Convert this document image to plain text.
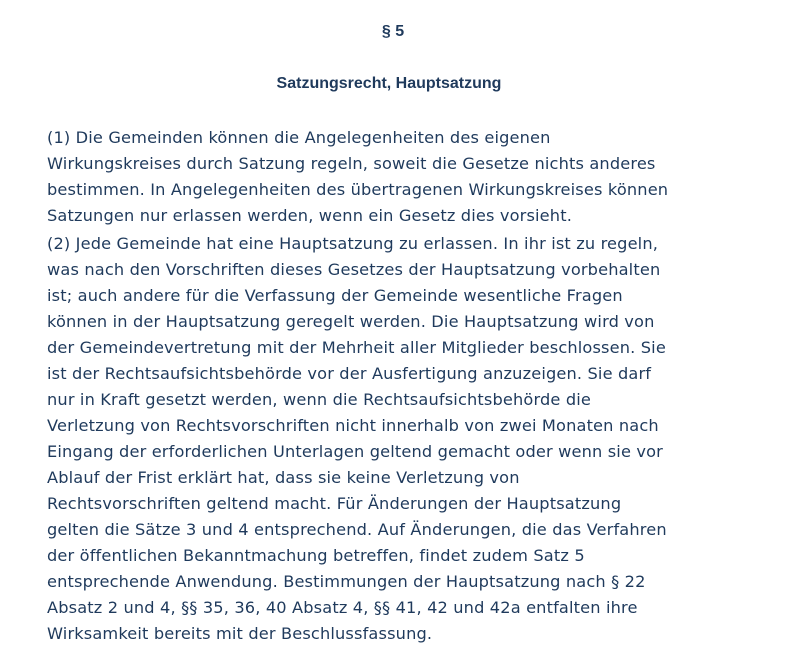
§ 5
Satzungsrecht, Hauptsatzung

(1) Die Gemeinden können die Angelegenheiten des eigenen
Wirkungskreises durch Satzung regeln, soweit die Gesetze nichts anderes
bestimmen. In Angelegenheiten des übertragenen Wirkungskreises können
Satzungen nur erlassen werden, wenn ein Gesetz dies vorsieht.

(2) Jede Gemeinde hat eine Hauptsatzung zu erlassen. In ihr ist zu regeln,
was nach den Vorschriften dieses Gesetzes der Hauptsatzung vorbehalten
ist; auch andere für die Verfassung der Gemeinde wesentliche Fragen
können in der Hauptsatzung geregelt werden. Die Hauptsatzung wird von
der Gemeindevertretung mit der Mehrheit aller Mitglieder beschlossen. Sie
ist der Rechtsaufsichtsbehörde vor der Ausfertigung anzuzeigen. Sie darf
nur in Kraft gesetzt werden, wenn die Rechtsaufsichtsbehörde die
Verletzung von Rechtsvorschriften nicht innerhalb von zwei Monaten nach
Eingang der erforderlichen Unterlagen geltend gemacht oder wenn sie vor
Ablauf der Frist erklärt hat, dass sie keine Verletzung von
Rechtsvorschriften geltend macht. Für Änderungen der Hauptsatzung
gelten die Sätze 3 und 4 entsprechend. Auf Änderungen, die das Verfahren
der öffentlichen Bekanntmachung betreffen, findet zudem Satz 5
entsprechende Anwendung. Bestimmungen der Hauptsatzung nach § 22
Absatz 2 und 4, §§ 35, 36, 40 Absatz 4, §§ 41, 42 und 42a entfalten ihre
Wirksamkeit bereits mit der Beschlussfassung.
